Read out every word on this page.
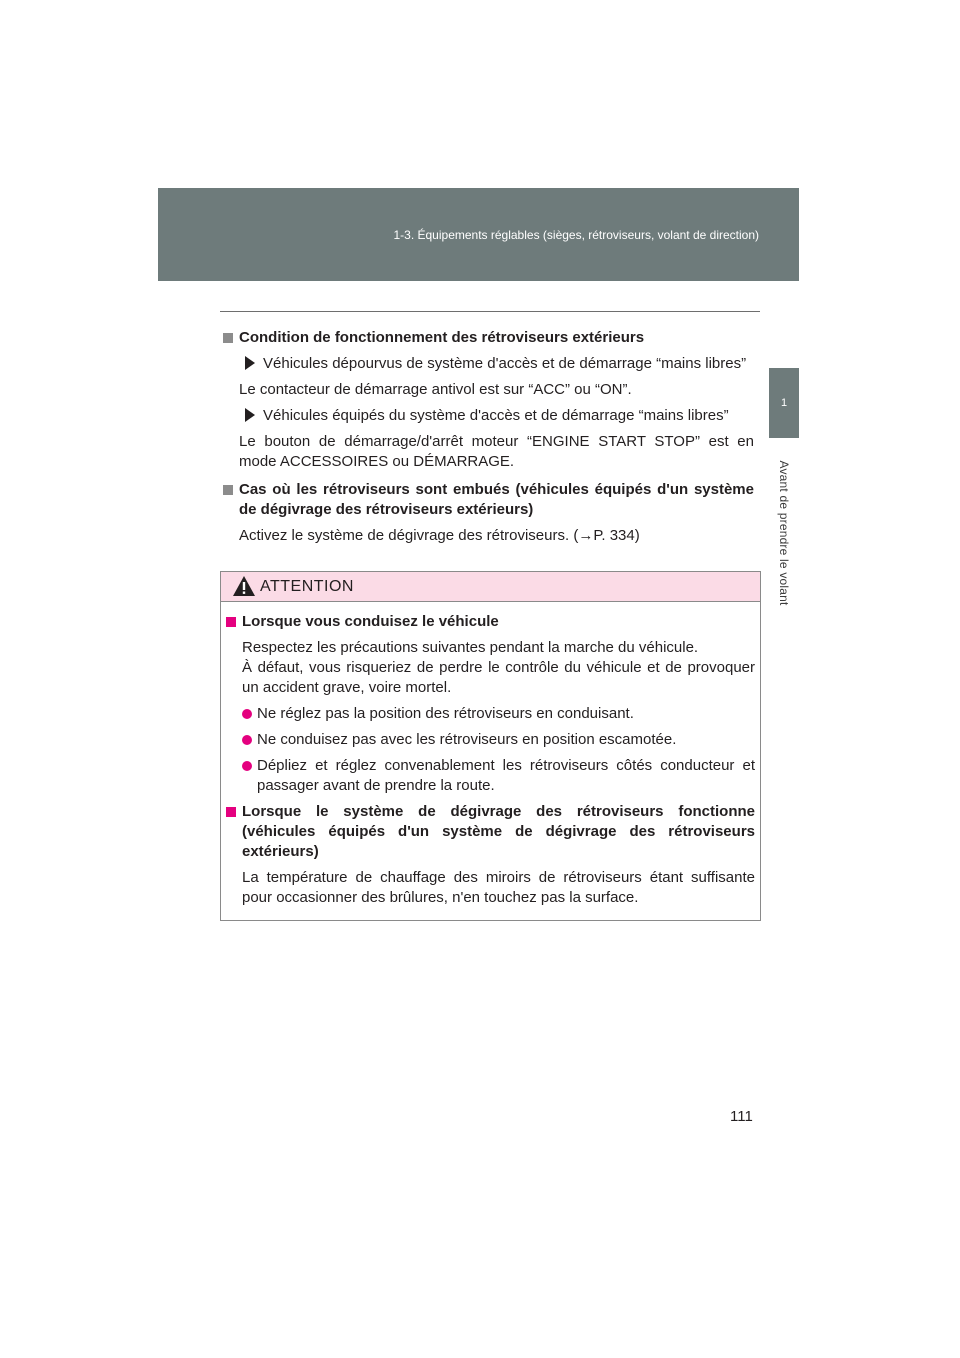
1-3. Équipements réglables (sièges, rétroviseurs, volant de direction)
1
Avant de prendre le volant
Condition de fonctionnement des rétroviseurs extérieurs
Véhicules dépourvus de système d'accès et de démarrage “mains libres”
Le contacteur de démarrage antivol est sur “ACC” ou “ON”.
Véhicules équipés du système d'accès et de démarrage “mains libres”
Le bouton de démarrage/d'arrêt moteur “ENGINE START STOP” est en mode ACCESSOIRES ou DÉMARRAGE.
Cas où les rétroviseurs sont embués (véhicules équipés d'un système de dégivrage des rétroviseurs extérieurs)
Activez le système de dégivrage des rétroviseurs. (→P. 334)
ATTENTION
Lorsque vous conduisez le véhicule
Respectez les précautions suivantes pendant la marche du véhicule.
À défaut, vous risqueriez de perdre le contrôle du véhicule et de provoquer un accident grave, voire mortel.
Ne réglez pas la position des rétroviseurs en conduisant.
Ne conduisez pas avec les rétroviseurs en position escamotée.
Dépliez et réglez convenablement les rétroviseurs côtés conducteur et passager avant de prendre la route.
Lorsque le système de dégivrage des rétroviseurs fonctionne (véhicules équipés d'un système de dégivrage des rétroviseurs extérieurs)
La température de chauffage des miroirs de rétroviseurs étant suffisante pour occasionner des brûlures, n'en touchez pas la surface.
111
